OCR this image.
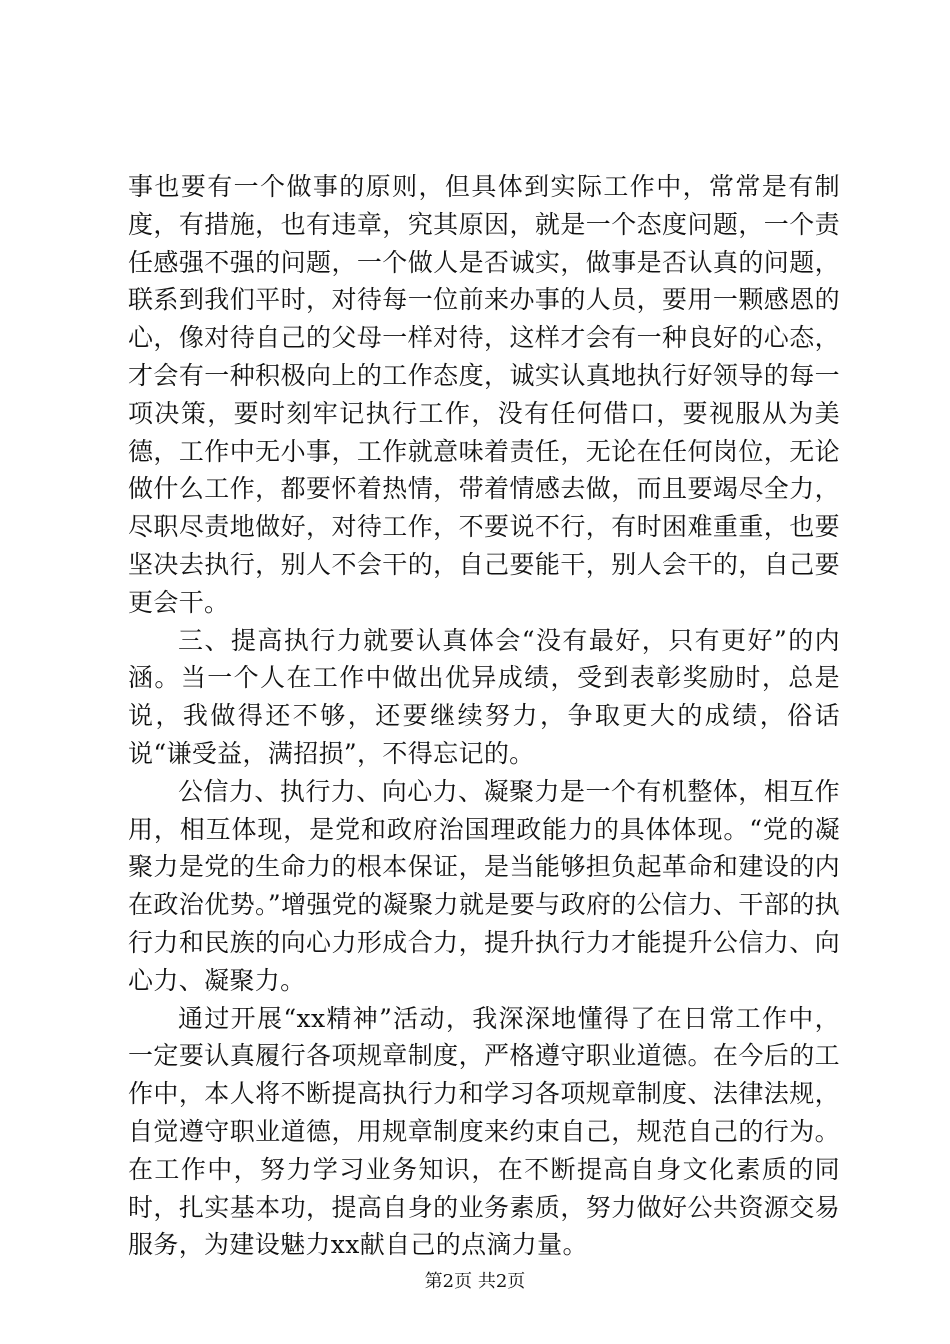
事也要有一个做事的原则，但具体到实际工作中，常常是有制度，有措施，也有违章，究其原因，就是一个态度问题，一个责任感强不强的问题，一个做人是否诚实，做事是否认真的问题，联系到我们平时，对待每一位前来办事的人员，要用一颗感恩的心，像对待自己的父母一样对待，这样才会有一种良好的心态，才会有一种积极向上的工作态度，诚实认真地执行好领导的每一项决策，要时刻牢记执行工作，没有任何借口，要视服从为美德，工作中无小事，工作就意味着责任，无论在任何岗位，无论做什么工作，都要怀着热情，带着情感去做，而且要竭尽全力，尽职尽责地做好，对待工作，不要说不行，有时困难重重，也要坚决去执行，别人不会干的，自己要能干，别人会干的，自己要更会干。

三、提高执行力就要认真体会“没有最好，只有更好”的内涵。当一个人在工作中做出优异成绩，受到表彰奖励时，总是说，我做得还不够，还要继续努力，争取更大的成绩，俗话说“谦受益，满招损”，不得忘记的。

公信力、执行力、向心力、凝聚力是一个有机整体，相互作用，相互体现，是党和政府治国理政能力的具体体现。“党的凝聚力是党的生命力的根本保证，是当能够担负起革命和建设的内在政治优势。”增强党的凝聚力就是要与政府的公信力、干部的执行力和民族的向心力形成合力，提升执行力才能提升公信力、向心力、凝聚力。

通过开展“xx精神”活动，我深深地懂得了在日常工作中，一定要认真履行各项规章制度，严格遵守职业道德。在今后的工作中，本人将不断提高执行力和学习各项规章制度、法律法规，自觉遵守职业道德，用规章制度来约束自己，规范自己的行为。在工作中，努力学习业务知识，在不断提高自身文化素质的同时，扎实基本功，提高自身的业务素质，努力做好公共资源交易服务，为建设魅力xx献自己的点滴力量。

第2页 共2页
